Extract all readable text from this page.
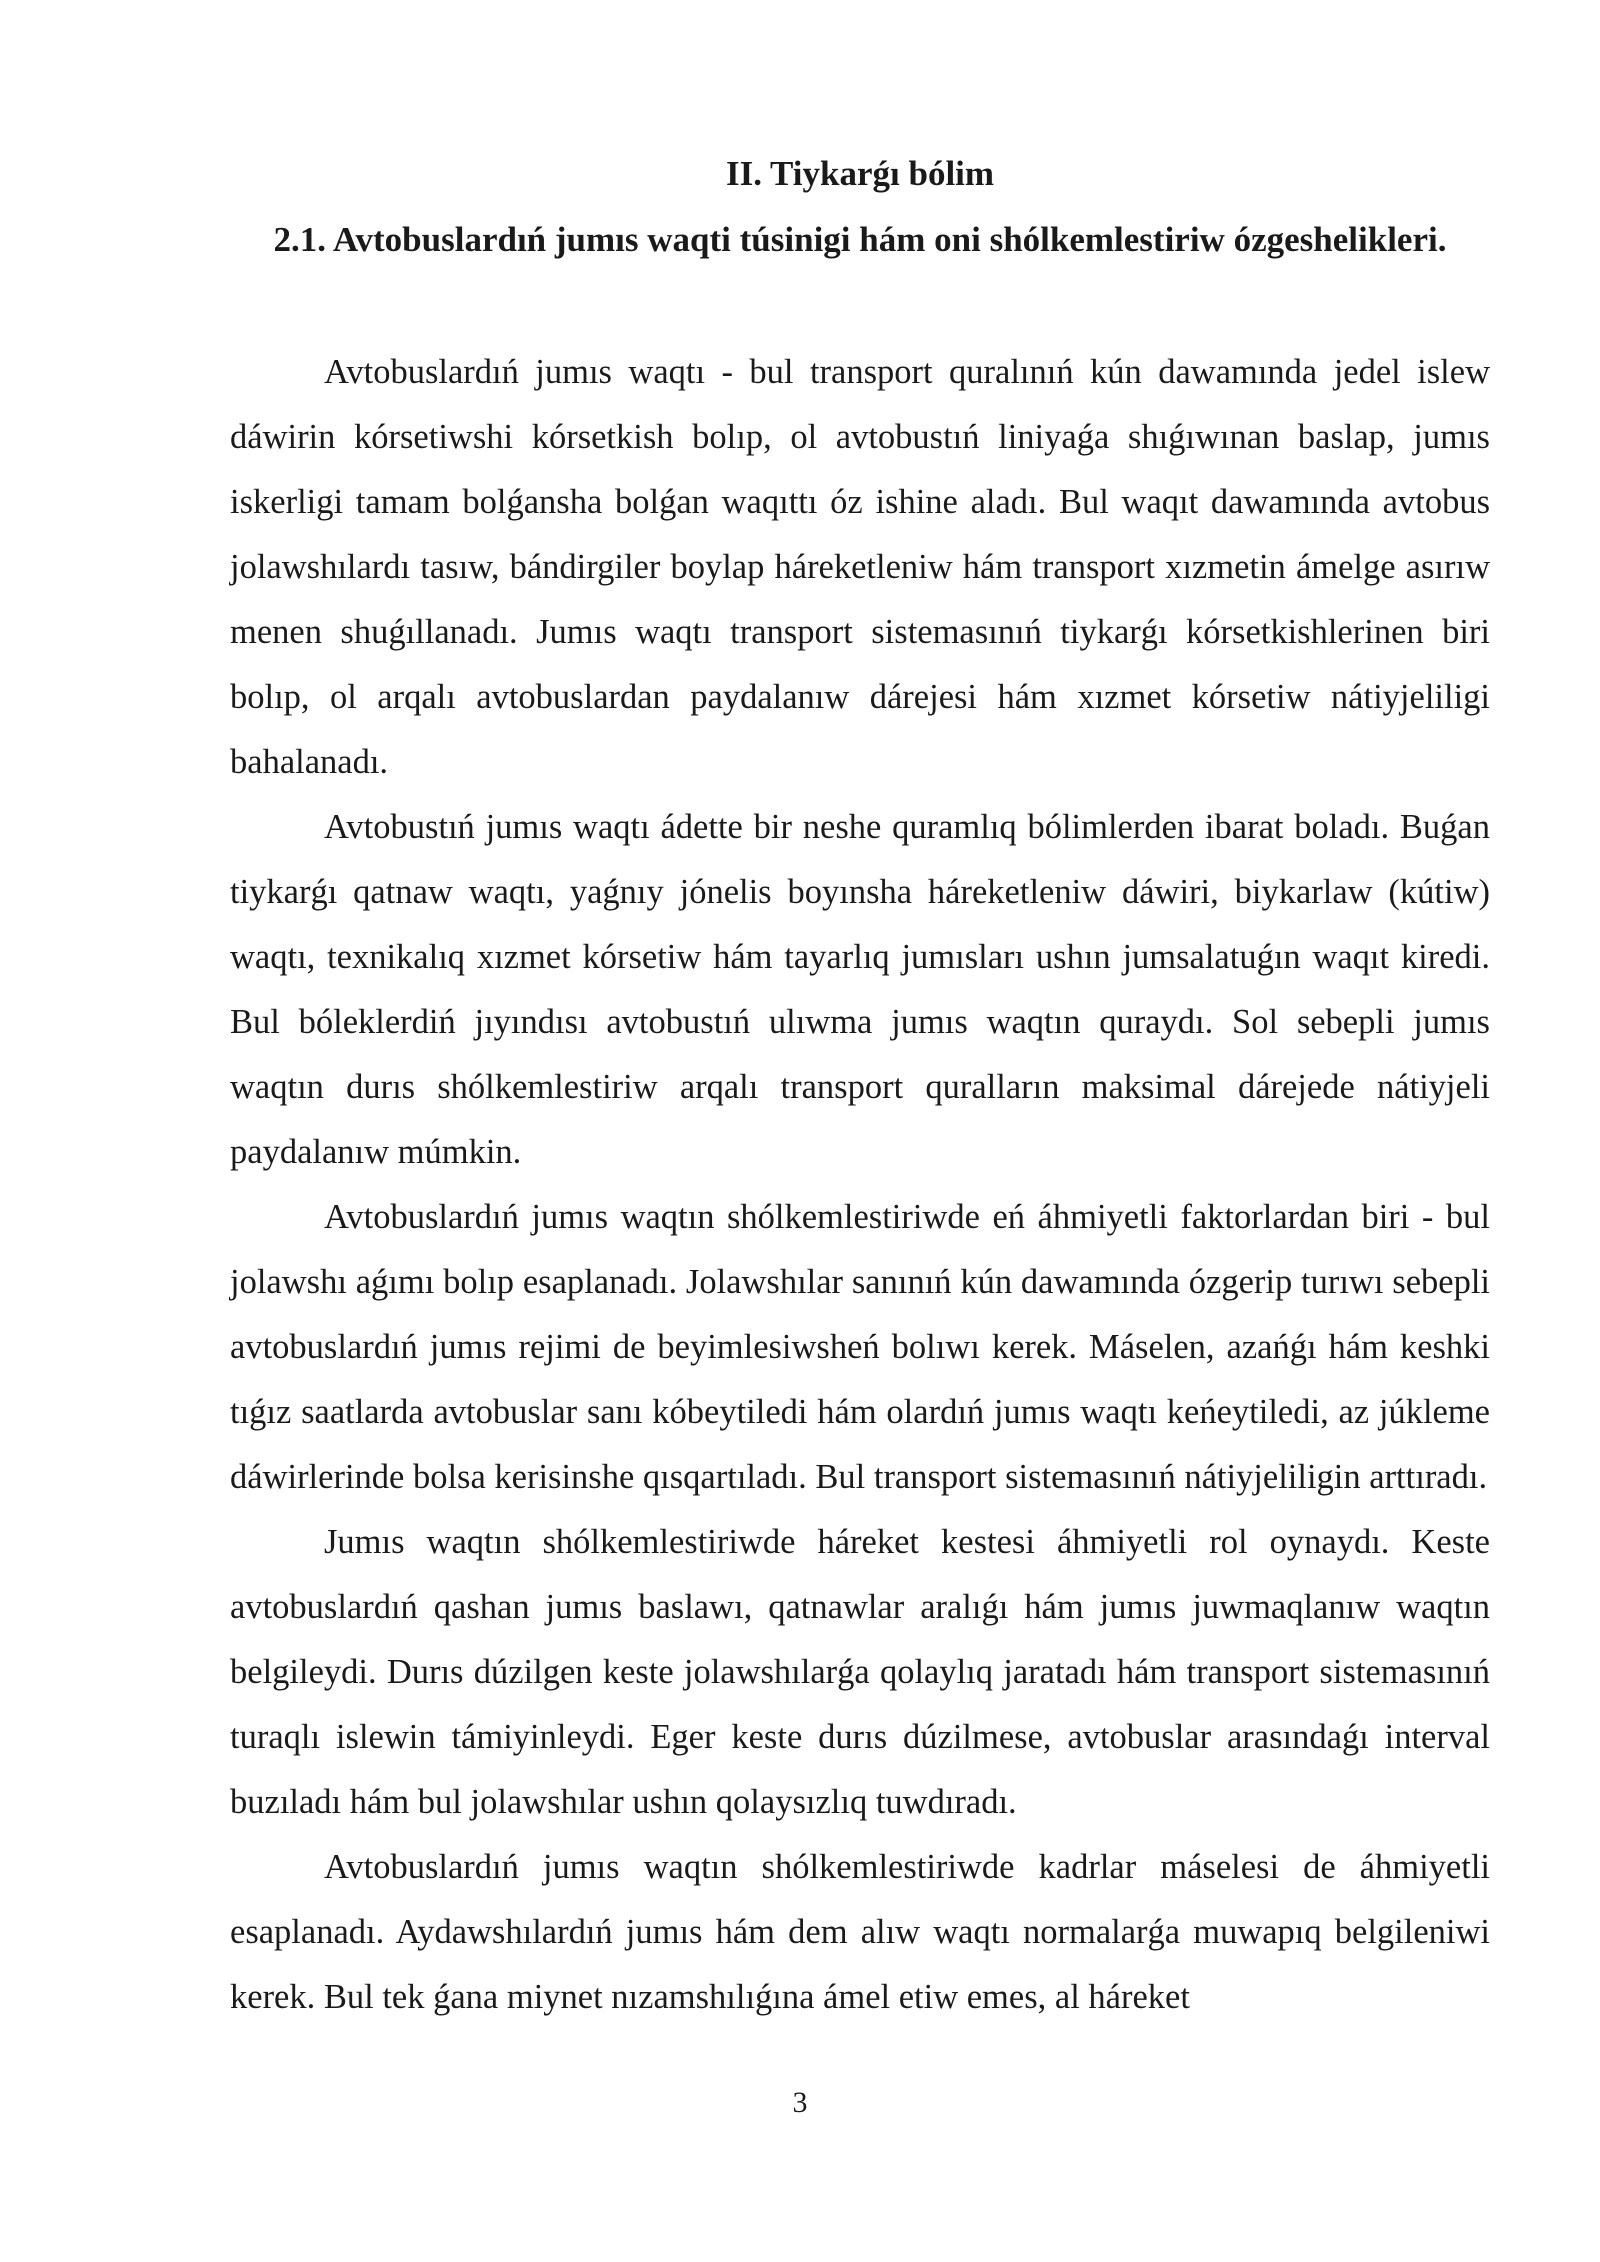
II. Tiykarǵı bólim
2.1. Avtobuslardıń jumıs waqti túsinigi hám oni shólkemlestiriw ózgeshelikleri.

Avtobuslardıń jumıs waqtı - bul transport quralınıń kún dawamında jedel islew dáwirin kórsetiwshi kórsetkish bolıp, ol avtobustıń liniyaǵa shıǵıwınan baslap, jumıs iskerligi tamam bolǵansha bolǵan waqıttı óz ishine aladı. Bul waqıt dawamında avtobus jolawshılardı tasıw, bándirgiler boylap háreketleniw hám transport xızmetin ámelge asırıw menen shuǵıllanadı. Jumıs waqtı transport sistemasınıń tiykarǵı kórsetkishlerinen biri bolıp, ol arqalı avtobuslardan paydalanıw dárejesi hám xızmet kórsetiw nátiyjeliligi bahalanadı.

Avtobustıń jumıs waqtı ádette bir neshe quramlıq bólimlerden ibarat boladı. Buǵan tiykarǵı qatnaw waqtı, yaǵnıy jónelis boyınsha háreketleniw dáwiri, biykarlaw (kútiw) waqtı, texnikalıq xızmet kórsetiw hám tayarlıq jumısları ushın jumsalatuǵın waqıt kiredi. Bul bóleklerdiń jıyındısı avtobustıń ulıwma jumıs waqtın quraydı. Sol sebepli jumıs waqtın durıs shólkemlestiriw arqalı transport quralların maksimal dárejede nátiyjeli paydalanıw múmkin.

Avtobuslardıń jumıs waqtın shólkemlestiriwde eń áhmiyetli faktorlardan biri - bul jolawshı aǵımı bolıp esaplanadı. Jolawshılar sanınıń kún dawamında ózgerip turıwı sebepli avtobuslardıń jumıs rejimi de beyimlesiwsheń bolıwı kerek. Máselen, azańǵı hám keshki tıǵız saatlarda avtobuslar sanı kóbeytiledi hám olardıń jumıs waqtı keńeytiledi, az júkleme dáwirlerinde bolsa kerisinshe qısqartıladı. Bul transport sistemasınıń nátiyjeliligin arttıradı.

Jumıs waqtın shólkemlestiriwde háreket kestesi áhmiyetli rol oynaydı. Keste avtobuslardıń qashan jumıs baslawı, qatnawlar aralıǵı hám jumıs juwmaqlanıw waqtın belgileydi. Durıs dúzilgen keste jolawshılarǵa qolaylıq jaratadı hám transport sistemasınıń turaqlı islewin támiyinleydi. Eger keste durıs dúzilmese, avtobuslar arasındaǵı interval buzıladı hám bul jolawshılar ushın qolaysızlıq tuwdıradı.

Avtobuslardıń jumıs waqtın shólkemlestiriwde kadrlar máselesi de áhmiyetli esaplanadı. Aydawshılardıń jumıs hám dem alıw waqtı normalarǵa muwapıq belgileniwi kerek. Bul tek ǵana miynet nızamshılıǵına ámel etiw emes, al háreket

3
